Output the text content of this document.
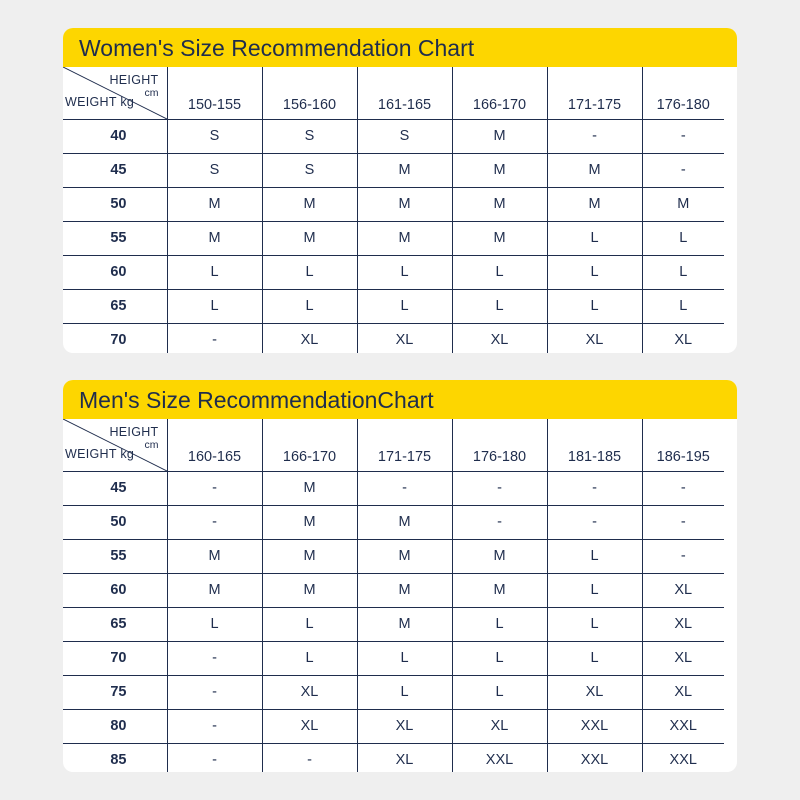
Women's Size Recommendation Chart
HEIGHT
cm
WEIGHT kg	150-155	156-160	161-165	166-170	171-175	176-180
40	S	S	S	M	-	-
45	S	S	M	M	M	-
50	M	M	M	M	M	M
55	M	M	M	M	L	L
60	L	L	L	L	L	L
65	L	L	L	L	L	L
70	-	XL	XL	XL	XL	XL
Men's Size RecommendationChart
HEIGHT
cm
WEIGHT kg	160-165	166-170	171-175	176-180	181-185	186-195
45	-	M	-	-	-	-
50	-	M	M	-	-	-
55	M	M	M	M	L	-
60	M	M	M	M	L	XL
65	L	L	M	L	L	XL
70	-	L	L	L	L	XL
75	-	XL	L	L	XL	XL
80	-	XL	XL	XL	XXL	XXL
85	-	-	XL	XXL	XXL	XXL
